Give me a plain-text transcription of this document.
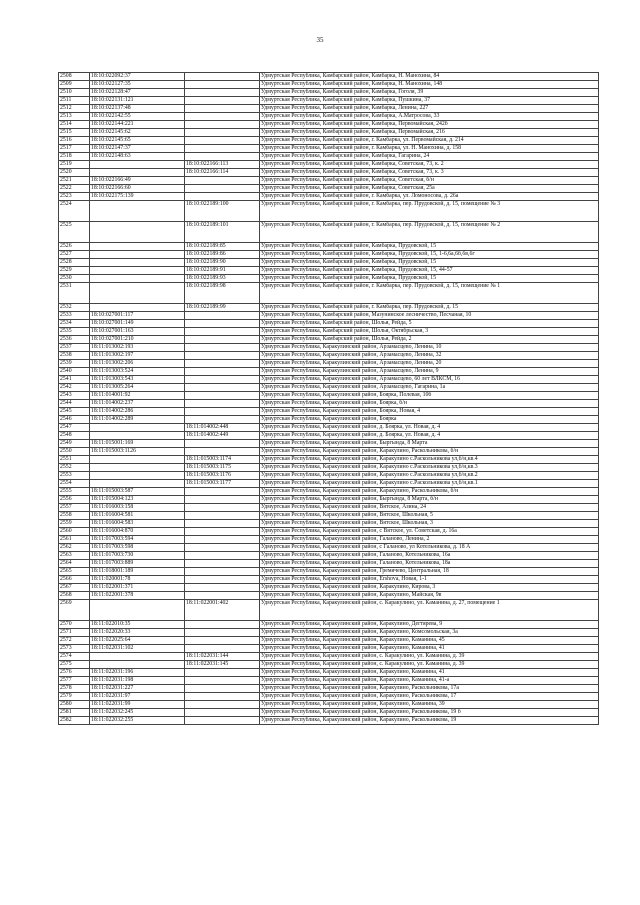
35
2508	18:10:022092:37		Удмуртская Республика, Камбарский район, Камбарка, Н. Манохина, 84
2509	18:10:022127:35		Удмуртская Республика, Камбарский район, Камбарка, Н. Манохина, 148
2510	18:10:022128:47		Удмуртская Республика, Камбарский район, Камбарка, Гоголя, 39
2511	18:10:022131:121		Удмуртская Республика, Камбарский район, Камбарка, Пушкина, 37
2512	18:10:022137:48		Удмуртская Республика, Камбарский район, Камбарка, Ленина, 227
2513	18:10:022142:55		Удмуртская Республика, Камбарский район, Камбарка, А.Матросова, 33
2514	18:10:022144:221		Удмуртская Республика, Камбарский район, Камбарка, Первомайская, 242б
2515	18:10:022145:62		Удмуртская Республика, Камбарский район, Камбарка, Первомайская, 216
2516	18:10:022145:65		Удмуртская Республика, Камбарский район, г. Камбарка, ул. Первомайская, д. 214
2517	18:10:022147:37		Удмуртская Республика, Камбарский район, г. Камбарка, ул. Н. Манохина, д. 158
2518	18:10:022148:63		Удмуртская Республика, Камбарский район, Камбарка, Гагарина, 24
2519		18:10:022166:113	Удмуртская Республика, Камбарский район, Камбарка, Советская, 73, к. 2
2520		18:10:022166:114	Удмуртская Республика, Камбарский район, Камбарка, Советская, 73, к. 3
2521	18:10:022166:49		Удмуртская Республика, Камбарский район, Камбарка, Советская, б/н
2522	18:10:022166:60		Удмуртская Республика, Камбарский район, Камбарка, Советская, 25а
2523	18:10:022175:139		Удмуртская Республика, Камбарский район, г. Камбарка, ул. Ломоносова, д. 26а
2524		18:10:022189:100	Удмуртская Республика, Камбарский район, г. Камбарка, пер. Прудовской, д. 15, помещение № 3
2525		18:10:022189:101	Удмуртская Республика, Камбарский район, г. Камбарка, пер. Прудовской, д. 15, помещение № 2
2526		18:10:022189:85	Удмуртская Республика, Камбарский район, Камбарка, Прудовской, 15
2527		18:10:022189:86	Удмуртская Республика, Камбарский район, Камбарка, Прудовской, 15, 1-6,6а,6б,6в,6г
2528		18:10:022189:90	Удмуртская Республика, Камбарский район, Камбарка, Прудовской, 15
2529		18:10:022189:91	Удмуртская Республика, Камбарский район, Камбарка, Прудовской, 15, 44-57
2530		18:10:022189:93	Удмуртская Республика, Камбарский район, Камбарка, Прудовской, 15
2531		18:10:022189:98	Удмуртская Республика, Камбарский район, г. Камбарка, пер. Прудовской, д. 15, помещение № 1
2532		18:10:022189:99	Удмуртская Республика, Камбарский район, г. Камбарка, пер. Прудовской, д. 15
2533	18:10:027001:117		Удмуртская Республика, Камбарский район, Мазунинское лесничество, Песчаная, 10
2534	18:10:027001:149		Удмуртская Республика, Камбарский район, Шолья, Рейда, 5
2535	18:10:027001:163		Удмуртская Республика, Камбарский район, Шолья, Октябрьская, 3
2536	18:10:027001:210		Удмуртская Республика, Камбарский район, Шолья, Рейда, 2
2537	18:11:013002:193		Удмуртская Республика, Каракулинский район, Арзамасцево, Ленина, 10
2538	18:11:013002:197		Удмуртская Республика, Каракулинский район, Арзамасцево, Ленина, 32
2539	18:11:013002:206		Удмуртская Республика, Каракулинский район, Арзамасцево, Ленина, 20
2540	18:11:013003:524		Удмуртская Республика, Каракулинский район, Арзамасцево, Ленина, 9
2541	18:11:013003:543		Удмуртская Республика, Каракулинский район, Арзамасцево, 60 лет ВЛКСМ, 16
2542	18:11:013005:264		Удмуртская Республика, Каракулинский район, Арзамасцево, Гагарина, 1а
2543	18:11:014001:92		Удмуртская Республика, Каракулинский район, Боярка, Полевая, 10б
2544	18:11:014002:237		Удмуртская Республика, Каракулинский район, Боярка, б/н
2545	18:11:014002:286		Удмуртская Республика, Каракулинский район, Боярка, Новая, 4
2546	18:11:014002:289		Удмуртская Республика, Каракулинский район, Боярка
2547		18:11:014002:448	Удмуртская Республика, Каракулинский район, д. Боярка, ул. Новая, д. 4
2548		18:11:014002:449	Удмуртская Республика, Каракулинский район, д. Боярка, ул. Новая, д. 4
2549	18:11:015001:169		Удмуртская Республика, Каракулинский район, Быргында, 8 Марта
2550	18:11:015003:1126		Удмуртская Республика, Каракулинский район, Каракулино, Раскольникова, б/н
2551		18:11:015003:1174	Удмуртская Республика, Каракулинский район, Каракулино с.Раскольникова ул,б/н,кв.4
2552		18:11:015003:1175	Удмуртская Республика, Каракулинский район, Каракулино с.Раскольникова ул,б/н,кв.3
2553		18:11:015003:1176	Удмуртская Республика, Каракулинский район, Каракулино с.Раскольникова ул,б/н,кв.2
2554		18:11:015003:1177	Удмуртская Республика, Каракулинский район, Каракулино с.Раскольникова ул,б/н,кв.1
2555	18:11:015003:587		Удмуртская Республика, Каракулинский район, Каракулино, Раскольникова, б/н
2556	18:11:015004:123		Удмуртская Республика, Каракулинский район, Быргында, 8 Марта, б/н
2557	18:11:016003:158		Удмуртская Республика, Каракулинский район, Вятское, Азина, 24
2558	18:11:016004:581		Удмуртская Республика, Каракулинский район, Вятское, Школьная, 5
2559	18:11:016004:583		Удмуртская Республика, Каракулинский район, Вятское, Школьная, 3
2560	18:11:016004:870		Удмуртская Республика, Каракулинский район, с Вятское, ул. Советская, д. 16а
2561	18:11:017003:594		Удмуртская Республика, Каракулинский район, Галаново, Ленина, 2
2562	18:11:017003:598		Удмуртская Республика, Каракулинский район, с Галаново, ул Котельникова, д. 18 А
2563	18:11:017003:730		Удмуртская Республика, Каракулинский район, Галаново, Котельникова, 16а
2564	18:11:017003:889		Удмуртская Республика, Каракулинский район, Галаново, Котельникова, 18а
2565	18:11:018001:189		Удмуртская Республика, Каракулинский район, Гремячево, Центральная, 18
2566	18:11:020001:78		Удмуртская Республика, Каракулинский район, Ershova, Новая, 1-1
2567	18:11:022001:371		Удмуртская Республика, Каракулинский район, Каракулино, Кирова, 3
2568	18:11:022001:378		Удмуртская Республика, Каракулинский район, Каракулино, Майская, 9в
2569		18:11:022001:402	Удмуртская Республика, Каракулинский район, с. Каракулино, ул. Каманина, д. 27, помещение 1
2570	18:11:022010:35		Удмуртская Республика, Каракулинский район, Каракулино, Дегтярева, 9
2571	18:11:022020:33		Удмуртская Республика, Каракулинский район, Каракулино, Комсомольская, 3а
2572	18:11:022025:64		Удмуртская Республика, Каракулинский район, Каракулино, Каманина, 45
2573	18:11:022031:102		Удмуртская Республика, Каракулинский район, Каракулино, Каманина, 41
2574		18:11:022031:144	Удмуртская Республика, Каракулинский район, с. Каракулино, ул. Каманина, д. 39
2575		18:11:022031:145	Удмуртская Республика, Каракулинский район, с. Каракулино, ул. Каманина, д. 39
2576	18:11:022031:196		Удмуртская Республика, Каракулинский район, Каракулино, Каманина, 41
2577	18:11:022031:198		Удмуртская Республика, Каракулинский район, Каракулино, Каманина, 41-а
2578	18:11:022031:227		Удмуртская Республика, Каракулинский район, Каракулино, Раскольникова, 17а
2579	18:11:022031:97		Удмуртская Республика, Каракулинский район, Каракулино, Раскольникова, 17
2580	18:11:022031:99		Удмуртская Республика, Каракулинский район, Каракулино, Каманина, 39
2581	18:11:022032:245		Удмуртская Республика, Каракулинский район, Каракулино, Раскольникова, 19 б
2582	18:11:022032:255		Удмуртская Республика, Каракулинский район, Каракулино, Раскольникова, 19
